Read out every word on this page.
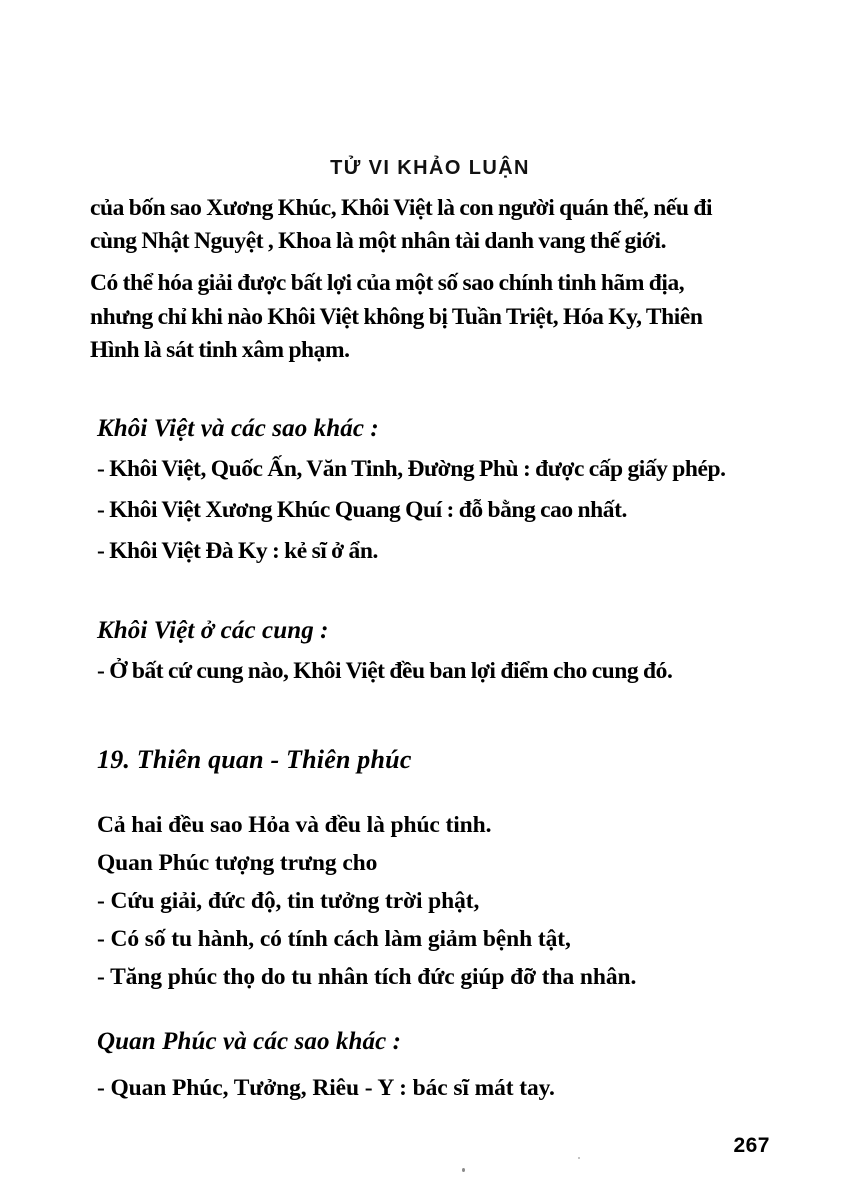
TỬ VI KHẢO LUẬN

của bốn sao Xương Khúc, Khôi Việt là con người quán thế, nếu đi cùng Nhật Nguyệt , Khoa là một nhân tài danh vang thế giới.

Có thể hóa giải được bất lợi của một số sao chính tinh hãm địa, nhưng chỉ khi nào Khôi Việt không bị Tuần Triệt, Hóa Ky, Thiên Hình là sát tinh xâm phạm.

Khôi Việt và các sao khác :

- Khôi Việt, Quốc Ấn, Văn Tinh, Đường Phù : được cấp giấy phép.

- Khôi Việt Xương Khúc Quang Quí : đỗ bằng cao nhất.

- Khôi Việt Đà Ky : kẻ sĩ ở ẩn.

Khôi Việt ở các cung :

- Ở bất cứ cung nào, Khôi Việt đều ban lợi điểm cho cung đó.

19. Thiên quan - Thiên phúc

Cả hai đều sao Hỏa và đều là phúc tinh.

Quan Phúc tượng trưng cho

- Cứu giải, đức độ, tin tưởng trời phật,

- Có số tu hành, có tính cách làm giảm bệnh tật,

- Tăng phúc thọ do tu nhân tích đức giúp đỡ tha nhân.

Quan Phúc và các sao khác :

- Quan Phúc, Tưởng, Riêu - Y : bác sĩ mát tay.

267
